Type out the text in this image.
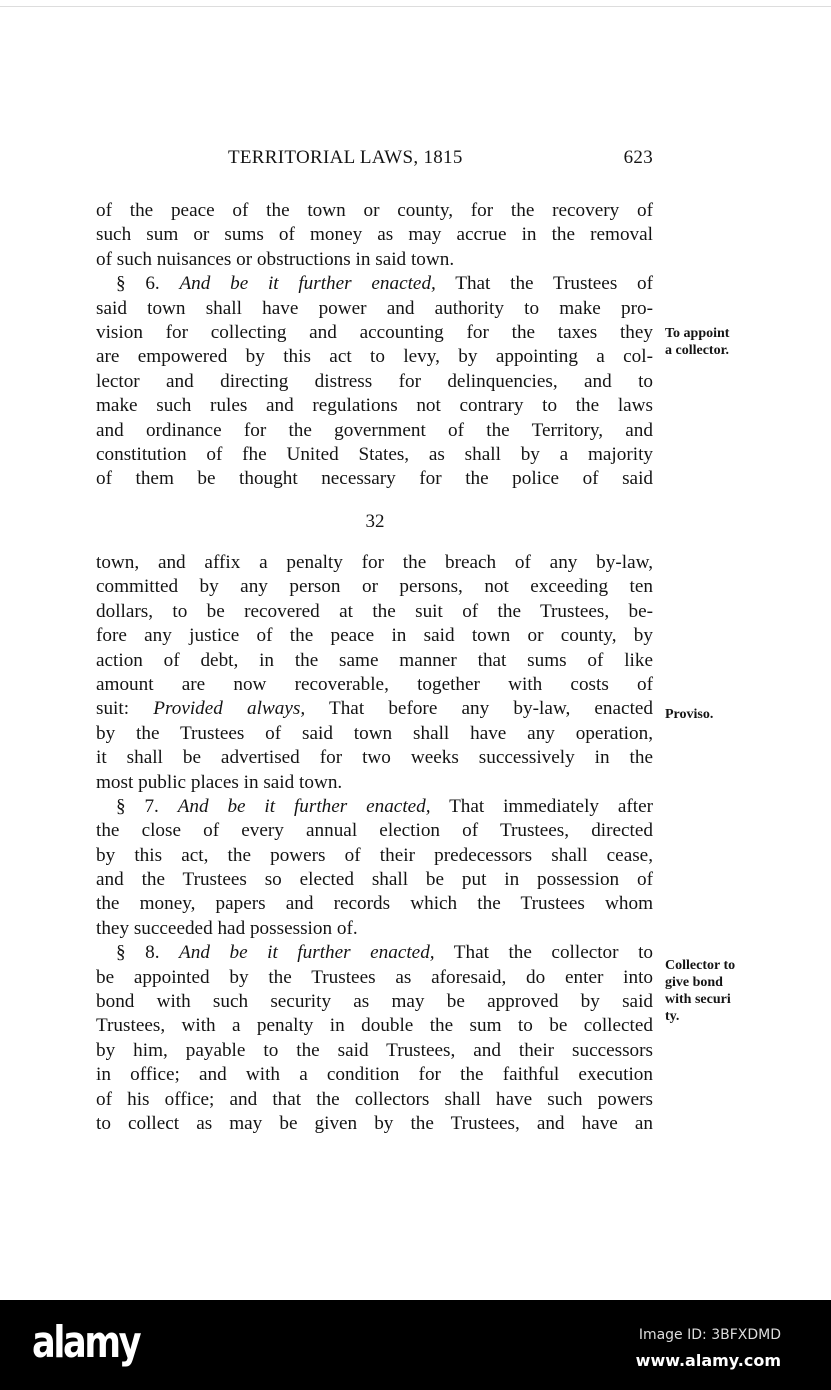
TERRITORIAL LAWS, 1815	623
of the peace of the town or county, for the recovery of
such sum or sums of money as may accrue in the removal
of such nuisances or obstructions in said town.
§ 6. And be it further enacted, That the Trustees of
said town shall have power and authority to make pro-
vision for collecting and accounting for the taxes they
are empowered by this act to levy, by appointing a col-
lector and directing distress for delinquencies, and to
make such rules and regulations not contrary to the laws
and ordinance for the government of the Territory, and
constitution of fhe United States, as shall by a majority
of them be thought necessary for the police of said
32
town, and affix a penalty for the breach of any by-law,
committed by any person or persons, not exceeding ten
dollars, to be recovered at the suit of the Trustees, be-
fore any justice of the peace in said town or county, by
action of debt, in the same manner that sums of like
amount are now recoverable, together with costs of
suit: Provided always, That before any by-law, enacted
by the Trustees of said town shall have any operation,
it shall be advertised for two weeks successively in the
most public places in said town.
§ 7. And be it further enacted, That immediately after
the close of every annual election of Trustees, directed
by this act, the powers of their predecessors shall cease,
and the Trustees so elected shall be put in possession of
the money, papers and records which the Trustees whom
they succeeded had possession of.
§ 8. And be it further enacted, That the collector to
be appointed by the Trustees as aforesaid, do enter into
bond with such security as may be approved by said
Trustees, with a penalty in double the sum to be collected
by him, payable to the said Trustees, and their successors
in office; and with a condition for the faithful execution
of his office; and that the collectors shall have such powers
to collect as may be given by the Trustees, and have an
To appoint
a collector.
Proviso.
Collector to
give bond
with securi
ty.
alamy	Image ID: 3BFXDMD
www.alamy.com
